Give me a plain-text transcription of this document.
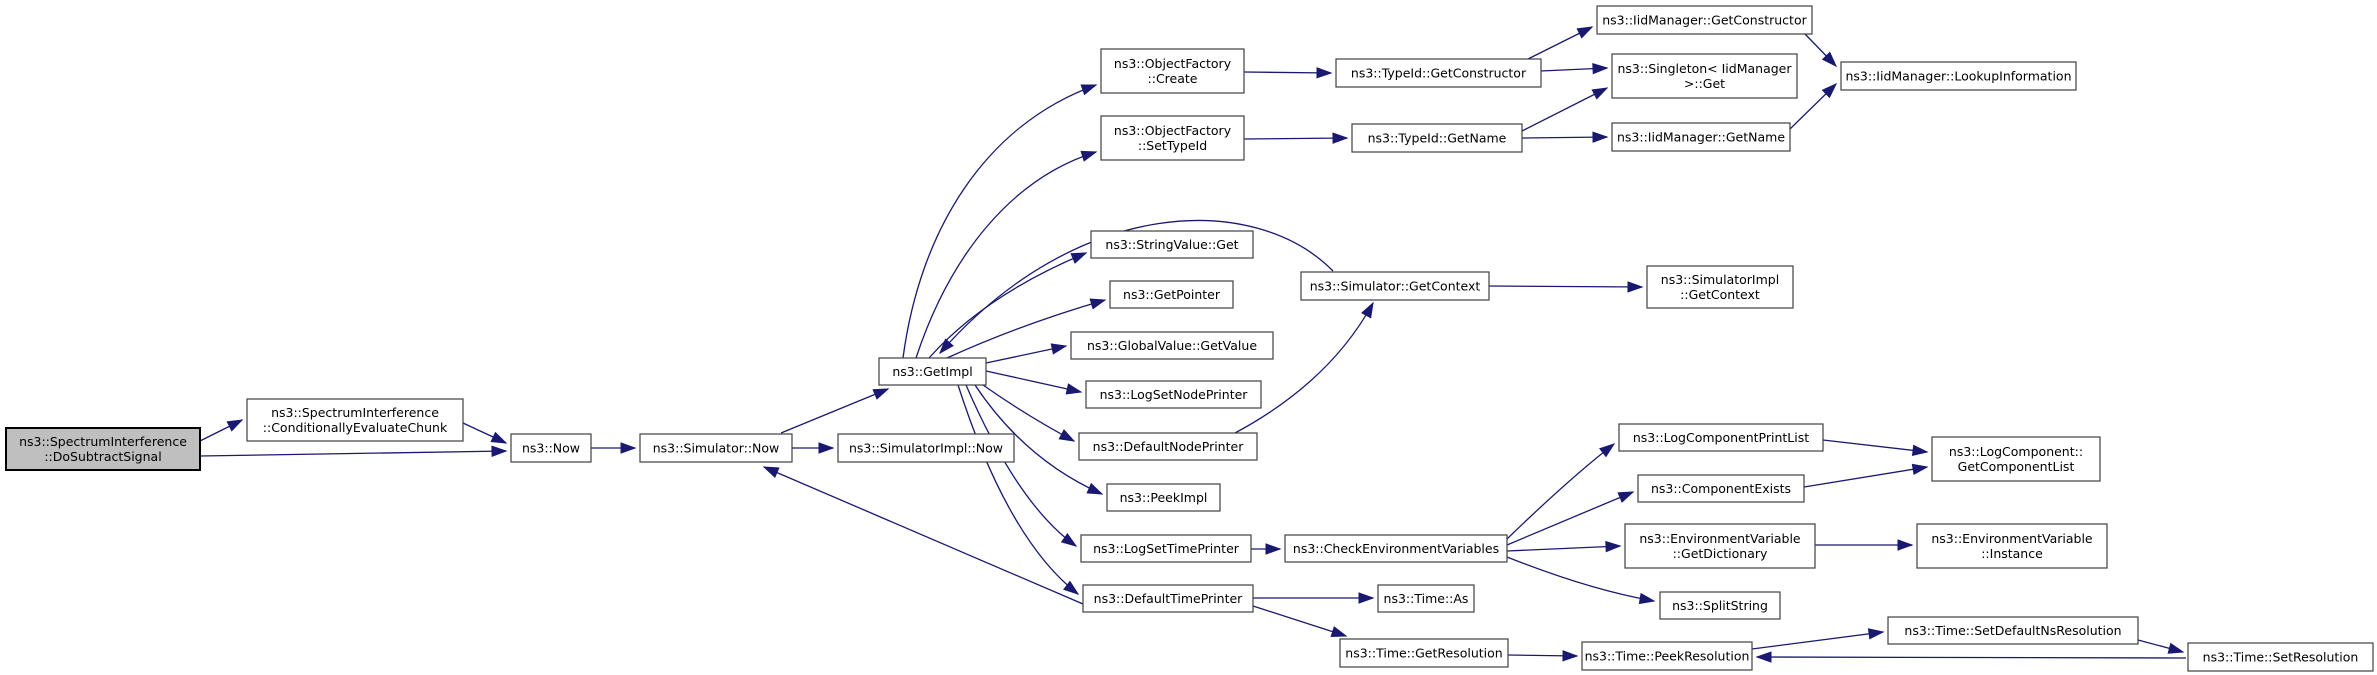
ns3::SpectrumInterference
::DoSubtractSignal
ns3::SpectrumInterference
::ConditionallyEvaluateChunk
ns3::Now	ns3::Simulator::Now	ns3::SimulatorImpl::Now
ns3::GetImpl
ns3::ObjectFactory
::Create
ns3::ObjectFactory
::SetTypeId
ns3::TypeId::GetConstructor
ns3::TypeId::GetName
ns3::IidManager::GetConstructor
ns3::Singleton< IidManager
>::Get
ns3::IidManager::GetName
ns3::IidManager::LookupInformation
ns3::StringValue::Get
ns3::GetPointer
ns3::GlobalValue::GetValue
ns3::LogSetNodePrinter
ns3::Simulator::GetContext	ns3::SimulatorImpl
::GetContext
ns3::DefaultNodePrinter
ns3::PeekImpl
ns3::LogSetTimePrinter
ns3::DefaultTimePrinter
ns3::CheckEnvironmentVariables
ns3::Time::As
ns3::LogComponentPrintList
ns3::ComponentExists
ns3::LogComponent::
GetComponentList
ns3::EnvironmentVariable
::GetDictionary
ns3::EnvironmentVariable
::Instance
ns3::SplitString
ns3::Time::GetResolution	ns3::Time::PeekResolution
ns3::Time::SetDefaultNsResolution
ns3::Time::SetResolution
